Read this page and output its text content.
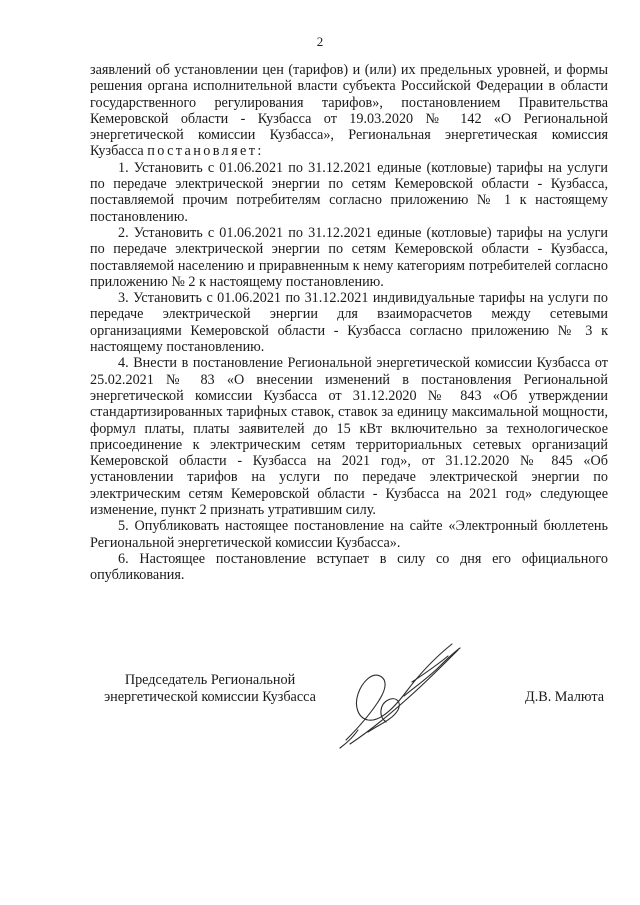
2

заявлений об установлении цен (тарифов) и (или) их предельных уровней, и формы решения органа исполнительной власти субъекта Российской Федерации в области государственного регулирования тарифов», постановлением Правительства Кемеровской области - Кузбасса от 19.03.2020 № 142 «О Региональной энергетической комиссии Кузбасса», Региональная энергетическая комиссия Кузбасса постановляет:

1. Установить с 01.06.2021 по 31.12.2021 единые (котловые) тарифы на услуги по передаче электрической энергии по сетям Кемеровской области - Кузбасса, поставляемой прочим потребителям согласно приложению № 1 к настоящему постановлению.

2. Установить с 01.06.2021 по 31.12.2021 единые (котловые) тарифы на услуги по передаче электрической энергии по сетям Кемеровской области - Кузбасса, поставляемой населению и приравненным к нему категориям потребителей согласно приложению № 2 к настоящему постановлению.

3. Установить с 01.06.2021 по 31.12.2021 индивидуальные тарифы на услуги по передаче электрической энергии для взаиморасчетов между сетевыми организациями Кемеровской области - Кузбасса согласно приложению № 3 к настоящему постановлению.

4. Внести в постановление Региональной энергетической комиссии Кузбасса от 25.02.2021 № 83 «О внесении изменений в постановления Региональной энергетической комиссии Кузбасса от 31.12.2020 № 843 «Об утверждении стандартизированных тарифных ставок, ставок за единицу максимальной мощности, формул платы, платы заявителей до 15 кВт включительно за технологическое присоединение к электрическим сетям территориальных сетевых организаций Кемеровской области - Кузбасса на 2021 год», от 31.12.2020 № 845 «Об установлении тарифов на услуги по передаче электрической энергии по электрическим сетям Кемеровской области - Кузбасса на 2021 год» следующее изменение, пункт 2 признать утратившим силу.

5. Опубликовать настоящее постановление на сайте «Электронный бюллетень Региональной энергетической комиссии Кузбасса».

6. Настоящее постановление вступает в силу со дня его официального опубликования.

Председатель Региональной
энергетической комиссии Кузбасса	Д.В. Малюта
